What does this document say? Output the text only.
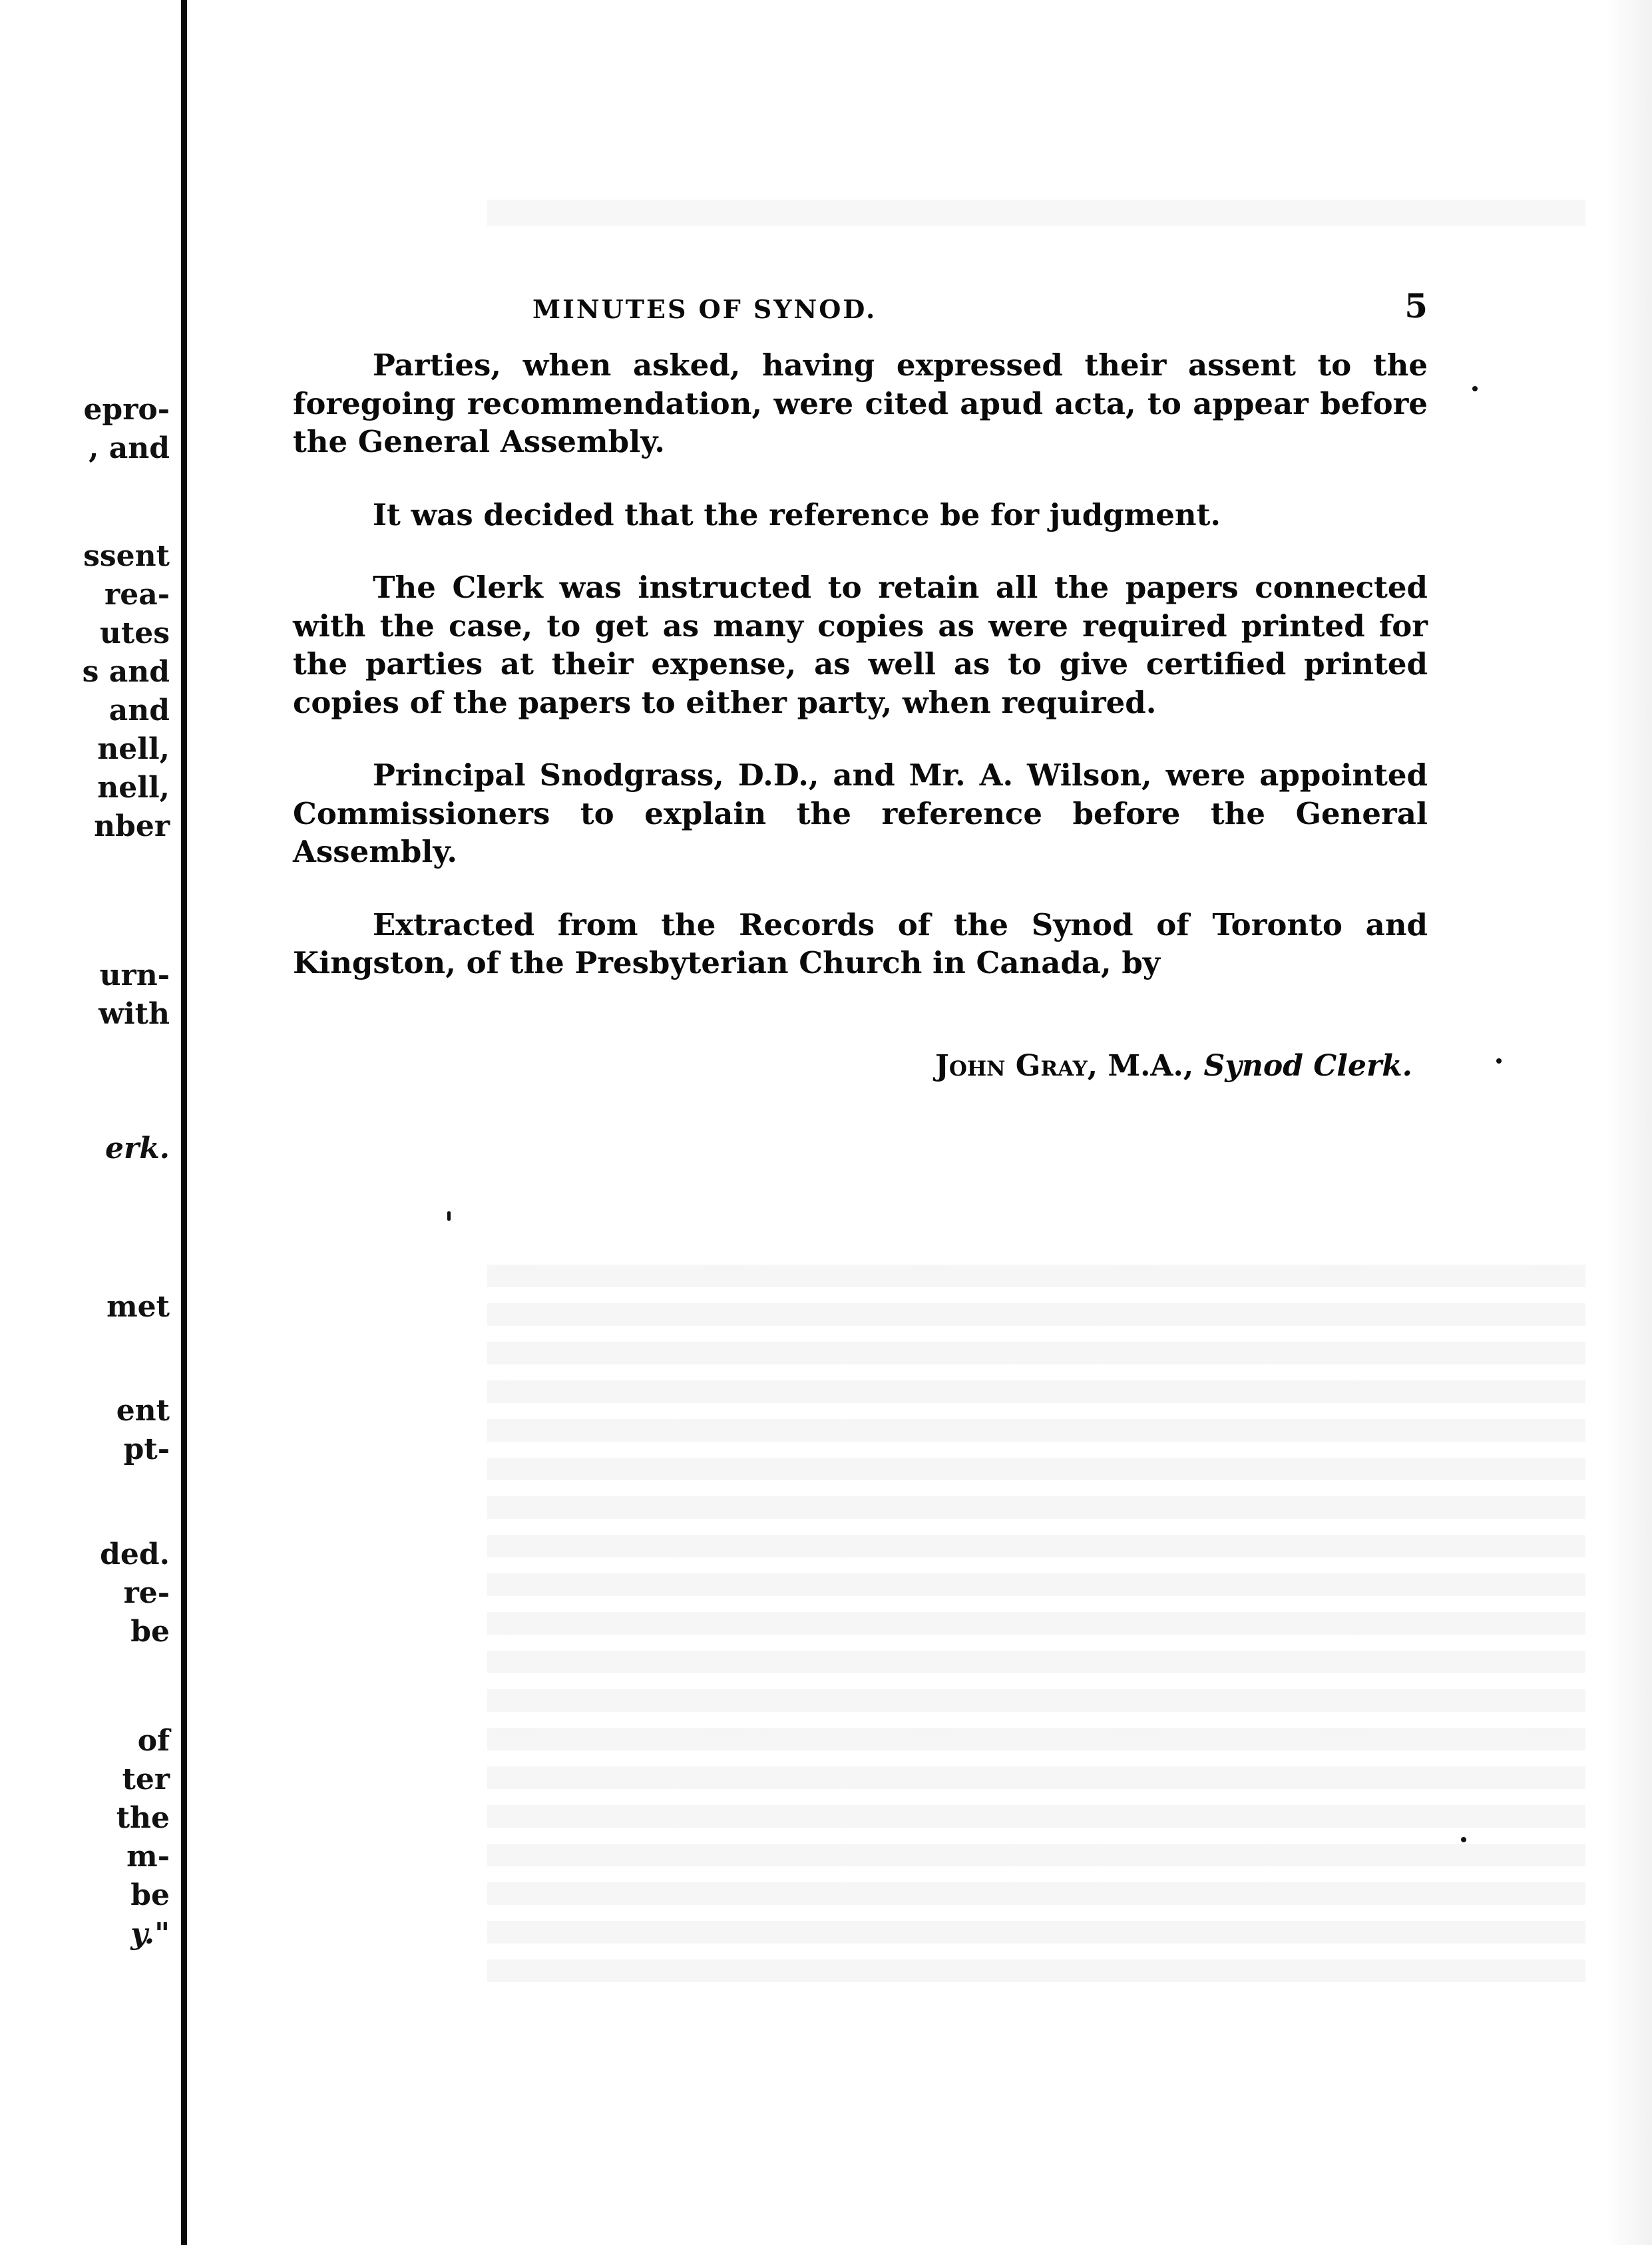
epro-
, and
ssent
rea-
utes
s and
and
nell,
nell,
nber
urn-
with
erk.
met
ent
pt-
ded.
re-
be
of
ter
the
m-
be
y."
MINUTES OF SYNOD.	5

Parties, when asked, having expressed their assent to the foregoing recommendation, were cited apud acta, to appear before the General Assembly.

It was decided that the reference be for judgment.

The Clerk was instructed to retain all the papers connected with the case, to get as many copies as were required printed for the parties at their expense, as well as to give certified printed copies of the papers to either party, when required.

Principal Snodgrass, D.D., and Mr. A. Wilson, were appointed Commissioners to explain the reference before the General Assembly.

Extracted from the Records of the Synod of Toronto and Kingston, of the Presbyterian Church in Canada, by

John Gray, M.A., Synod Clerk.
